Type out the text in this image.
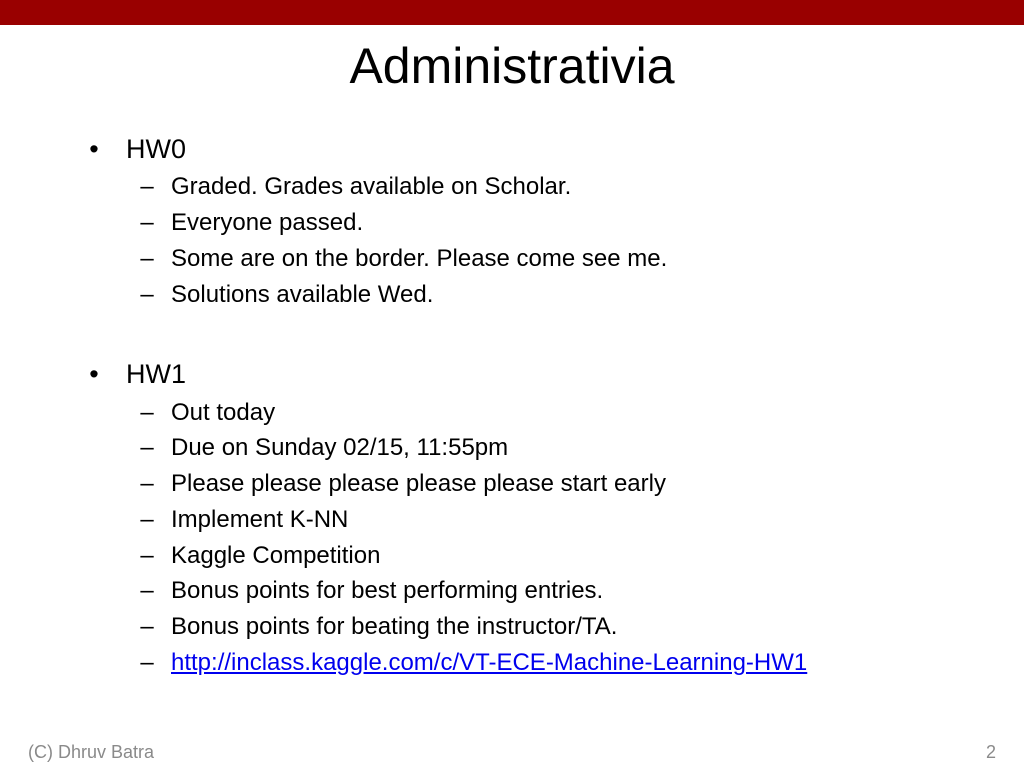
Administrativia
• HW0
– Graded. Grades available on Scholar.
– Everyone passed.
– Some are on the border. Please come see me.
– Solutions available Wed.
• HW1
– Out today
– Due on Sunday 02/15, 11:55pm
– Please please please please please start early
– Implement K-NN
– Kaggle Competition
– Bonus points for best performing entries.
– Bonus points for beating the instructor/TA.
– http://inclass.kaggle.com/c/VT-ECE-Machine-Learning-HW1
(C) Dhruv Batra	2
